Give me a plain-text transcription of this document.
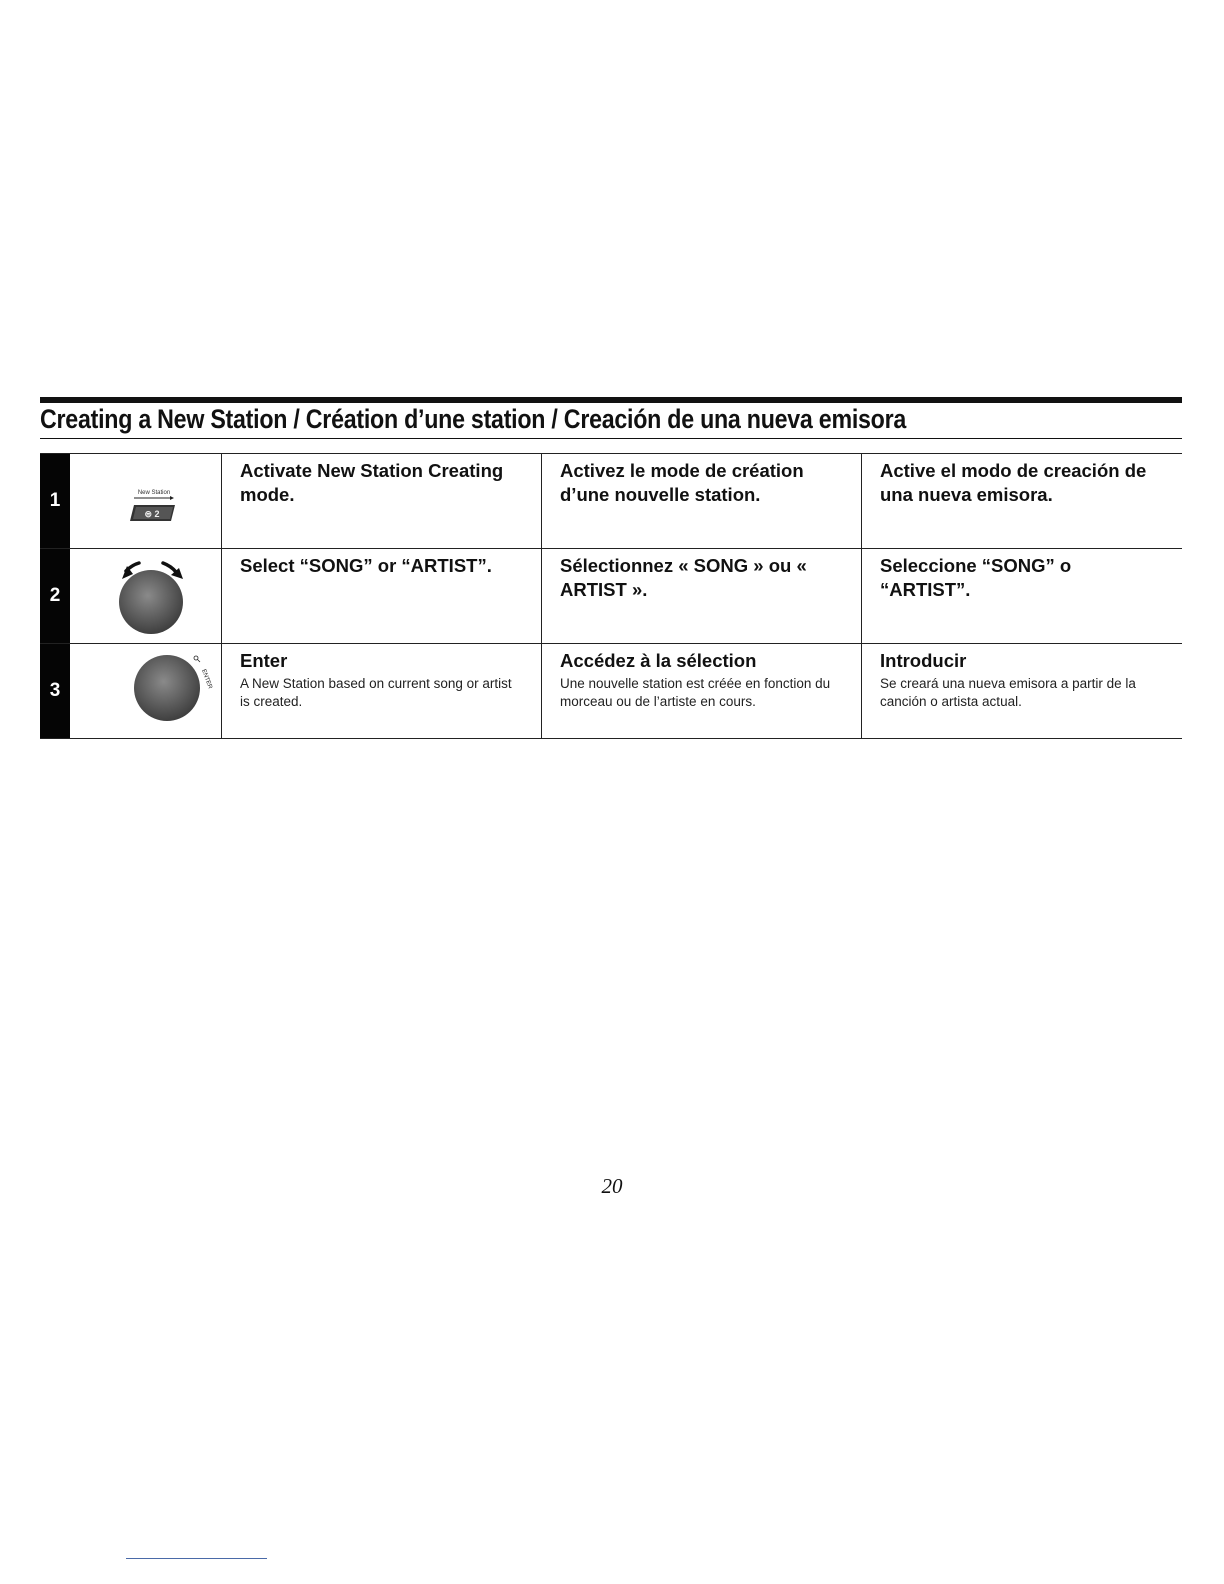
Creating a New Station / Création d’une station / Creación de una nueva emisora
1	New Station
⊜ 2
Activate New Station Creating mode.
Activez le mode de création d’une nouvelle station.
Active el modo de creación de una nueva emisora.
2
Select “SONG” or “ARTIST”.	Sélectionnez « SONG » ou « ARTIST ».
Seleccione “SONG” o “ARTIST”.
3
ENTER
Enter
A New Station based on current song or artist is created.
Accédez à la sélection
Une nouvelle station est créée en fonction du morceau ou de l’artiste en cours.
Introducir
Se creará una nueva emisora a partir de la canción o artista actual.
20
